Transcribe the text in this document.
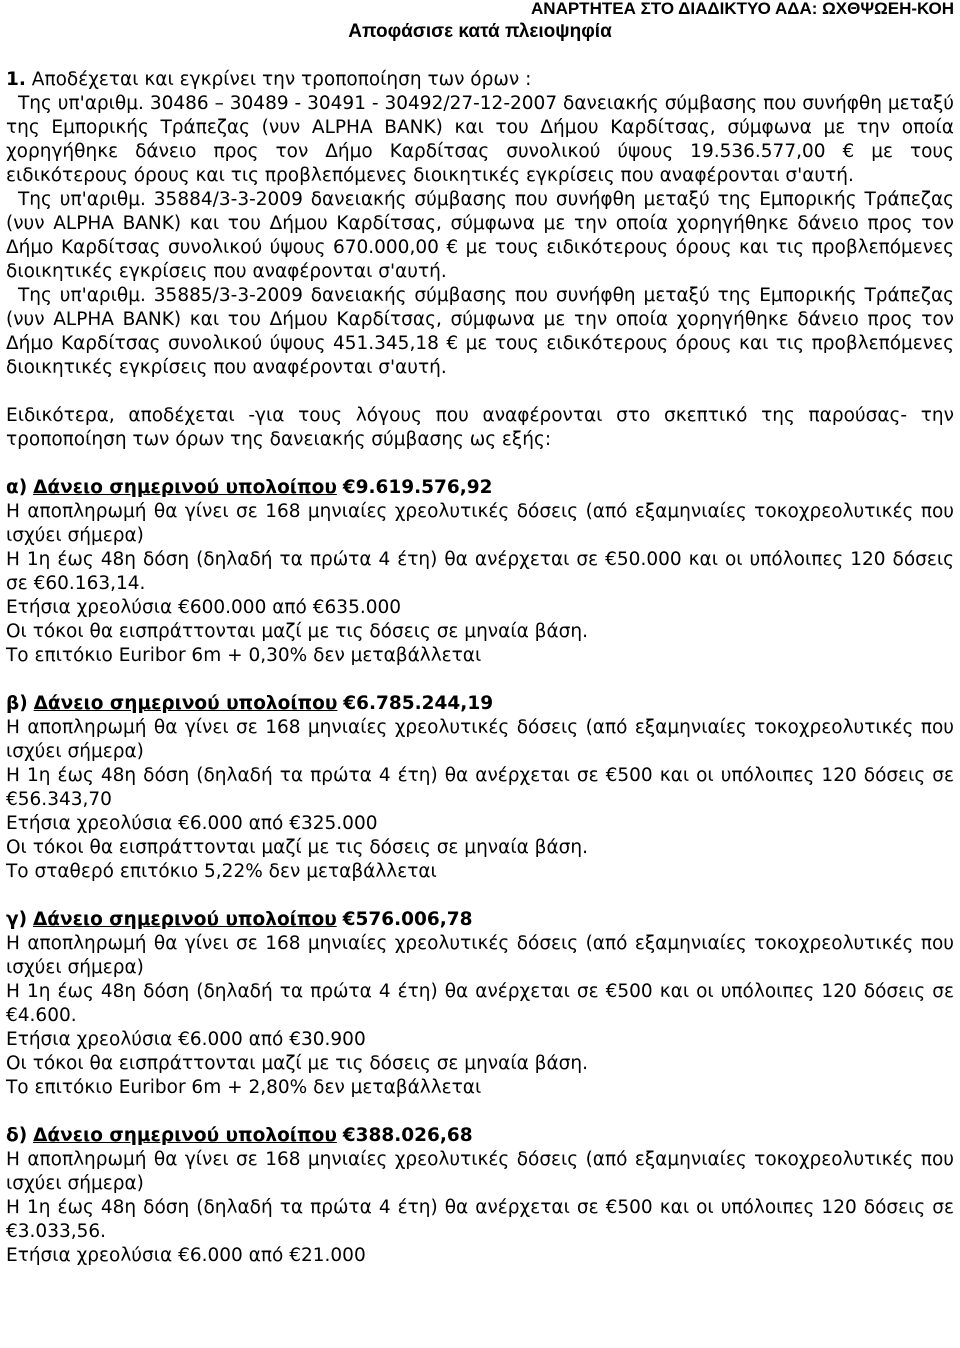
ΑΝΑΡΤΗΤΕΑ ΣΤΟ ΔΙΑΔΙΚΤΥΟ ΑΔΑ: ΩΧΘΨΩΕΗ-ΚΟΗ
Αποφάσισε κατά πλειοψηφία

1. Αποδέχεται και εγκρίνει την τροποποίηση των όρων :

Της υπ'αριθμ. 30486 – 30489 - 30491 - 30492/27-12-2007 δανειακής σύμβασης που συνήφθη μεταξύ της Εμπορικής Τράπεζας (νυν ALPHA BANK) και του Δήμου Καρδίτσας, σύμφωνα με την οποία χορηγήθηκε δάνειο προς τον Δήμο Καρδίτσας συνολικού ύψους 19.536.577,00 € με τους ειδικότερους όρους και τις προβλεπόμενες διοικητικές εγκρίσεις που αναφέρονται σ'αυτή.

Της υπ'αριθμ. 35884/3-3-2009 δανειακής σύμβασης που συνήφθη μεταξύ της Εμπορικής Τράπεζας (νυν ALPHA BANK) και του Δήμου Καρδίτσας, σύμφωνα με την οποία χορηγήθηκε δάνειο προς τον Δήμο Καρδίτσας συνολικού ύψους 670.000,00 € με τους ειδικότερους όρους και τις προβλεπόμενες διοικητικές εγκρίσεις που αναφέρονται σ'αυτή.

Της υπ'αριθμ. 35885/3-3-2009 δανειακής σύμβασης που συνήφθη μεταξύ της Εμπορικής Τράπεζας (νυν ALPHA BANK) και του Δήμου Καρδίτσας, σύμφωνα με την οποία χορηγήθηκε δάνειο προς τον Δήμο Καρδίτσας συνολικού ύψους 451.345,18 € με τους ειδικότερους όρους και τις προβλεπόμενες διοικητικές εγκρίσεις που αναφέρονται σ'αυτή.

Ειδικότερα, αποδέχεται -για τους λόγους που αναφέρονται στο σκεπτικό της παρούσας- την τροποποίηση των όρων της δανειακής σύμβασης ως εξής:

α) Δάνειο σημερινού υπολοίπου €9.619.576,92

Η αποπληρωμή θα γίνει σε 168 μηνιαίες χρεολυτικές δόσεις (από εξαμηνιαίες τοκοχρεολυτικές που ισχύει σήμερα)

Η 1η έως 48η δόση (δηλαδή τα πρώτα 4 έτη) θα ανέρχεται σε €50.000 και οι υπόλοιπες 120 δόσεις σε €60.163,14.

Ετήσια χρεολύσια €600.000 από €635.000

Οι τόκοι θα εισπράττονται μαζί με τις δόσεις σε μηναία βάση.

Το επιτόκιο Euribor 6m + 0,30% δεν μεταβάλλεται

β) Δάνειο σημερινού υπολοίπου €6.785.244,19

Η αποπληρωμή θα γίνει σε 168 μηνιαίες χρεολυτικές δόσεις (από εξαμηνιαίες τοκοχρεολυτικές που ισχύει σήμερα)

Η 1η έως 48η δόση (δηλαδή τα πρώτα 4 έτη) θα ανέρχεται σε €500 και οι υπόλοιπες 120 δόσεις σε €56.343,70

Ετήσια χρεολύσια €6.000 από €325.000

Οι τόκοι θα εισπράττονται μαζί με τις δόσεις σε μηναία βάση.

Το σταθερό επιτόκιο 5,22% δεν μεταβάλλεται

γ) Δάνειο σημερινού υπολοίπου €576.006,78

Η αποπληρωμή θα γίνει σε 168 μηνιαίες χρεολυτικές δόσεις (από εξαμηνιαίες τοκοχρεολυτικές που ισχύει σήμερα)

Η 1η έως 48η δόση (δηλαδή τα πρώτα 4 έτη) θα ανέρχεται σε €500 και οι υπόλοιπες 120 δόσεις σε €4.600.

Ετήσια χρεολύσια €6.000 από €30.900

Οι τόκοι θα εισπράττονται μαζί με τις δόσεις σε μηναία βάση.

Το επιτόκιο Euribor 6m + 2,80% δεν μεταβάλλεται

δ) Δάνειο σημερινού υπολοίπου €388.026,68

Η αποπληρωμή θα γίνει σε 168 μηνιαίες χρεολυτικές δόσεις (από εξαμηνιαίες τοκοχρεολυτικές που ισχύει σήμερα)

Η 1η έως 48η δόση (δηλαδή τα πρώτα 4 έτη) θα ανέρχεται σε €500 και οι υπόλοιπες 120 δόσεις σε €3.033,56.

Ετήσια χρεολύσια €6.000 από €21.000
